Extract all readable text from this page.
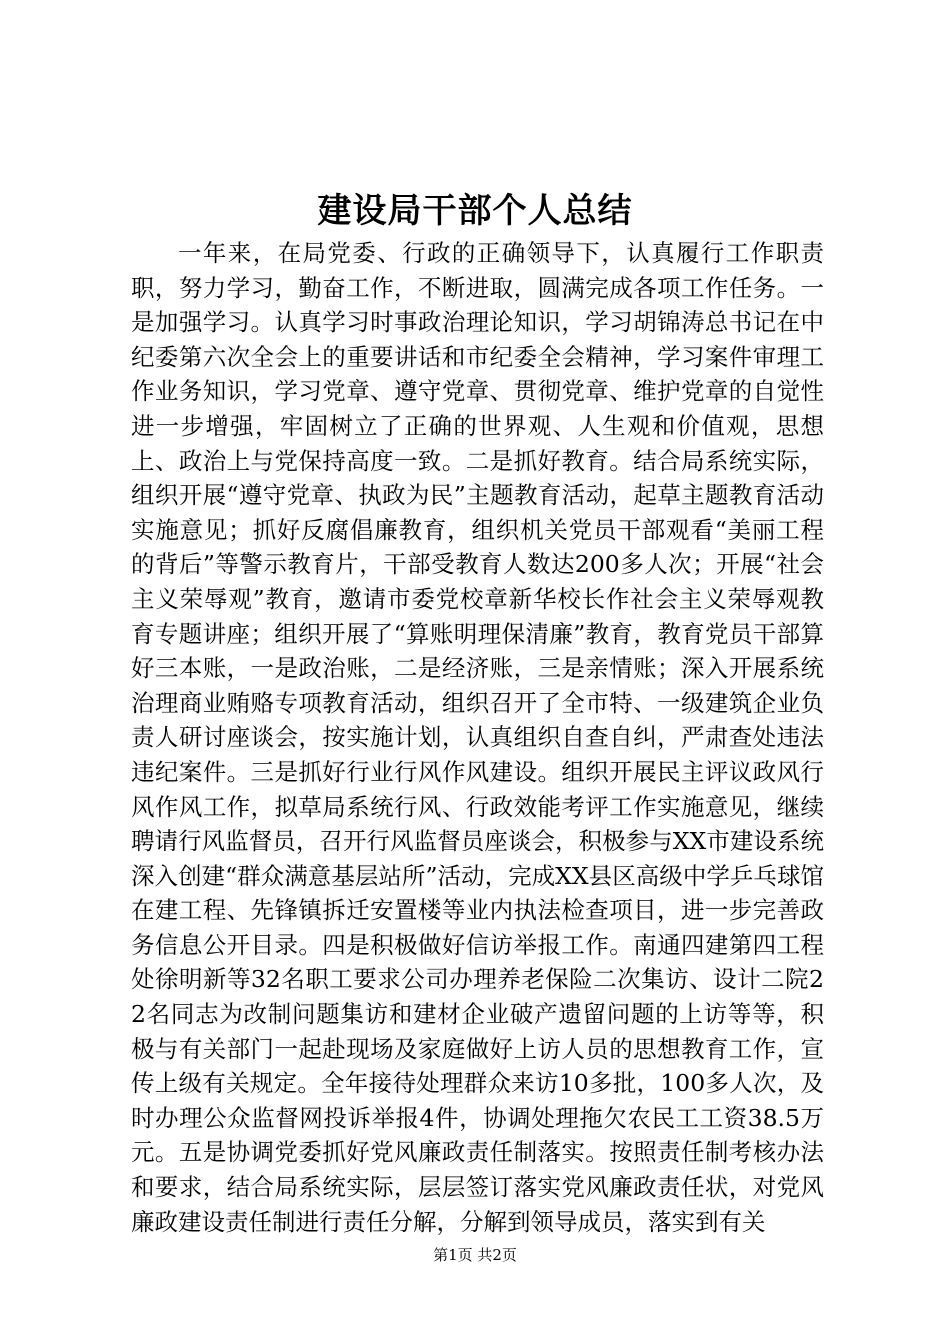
建设局干部个人总结

一年来，在局党委、行政的正确领导下，认真履行工作职责职，努力学习，勤奋工作，不断进取，圆满完成各项工作任务。一是加强学习。认真学习时事政治理论知识，学习胡锦涛总书记在中纪委第六次全会上的重要讲话和市纪委全会精神，学习案件审理工作业务知识，学习党章、遵守党章、贯彻党章、维护党章的自觉性进一步增强，牢固树立了正确的世界观、人生观和价值观，思想上、政治上与党保持高度一致。二是抓好教育。结合局系统实际，组织开展“遵守党章、执政为民”主题教育活动，起草主题教育活动实施意见；抓好反腐倡廉教育，组织机关党员干部观看“美丽工程的背后”等警示教育片，干部受教育人数达200多人次；开展“社会主义荣辱观”教育，邀请市委党校章新华校长作社会主义荣辱观教育专题讲座；组织开展了“算账明理保清廉”教育，教育党员干部算好三本账，一是政治账，二是经济账，三是亲情账；深入开展系统治理商业贿赂专项教育活动，组织召开了全市特、一级建筑企业负责人研讨座谈会，按实施计划，认真组织自查自纠，严肃查处违法违纪案件。三是抓好行业行风作风建设。组织开展民主评议政风行风作风工作，拟草局系统行风、行政效能考评工作实施意见，继续聘请行风监督员，召开行风监督员座谈会，积极参与XX市建设系统深入创建“群众满意基层站所”活动，完成XX县区高级中学乒乓球馆在建工程、先锋镇拆迁安置楼等业内执法检查项目，进一步完善政务信息公开目录。四是积极做好信访举报工作。南通四建第四工程处徐明新等32名职工要求公司办理养老保险二次集访、设计二院22名同志为改制问题集访和建材企业破产遗留问题的上访等等，积极与有关部门一起赴现场及家庭做好上访人员的思想教育工作，宣传上级有关规定。全年接待处理群众来访10多批，100多人次，及时办理公众监督网投诉举报4件，协调处理拖欠农民工工资38.5万元。五是协调党委抓好党风廉政责任制落实。按照责任制考核办法和要求，结合局系统实际，层层签订落实党风廉政责任状，对党风廉政建设责任制进行责任分解，分解到领导成员，落实到有关

第1页 共2页
